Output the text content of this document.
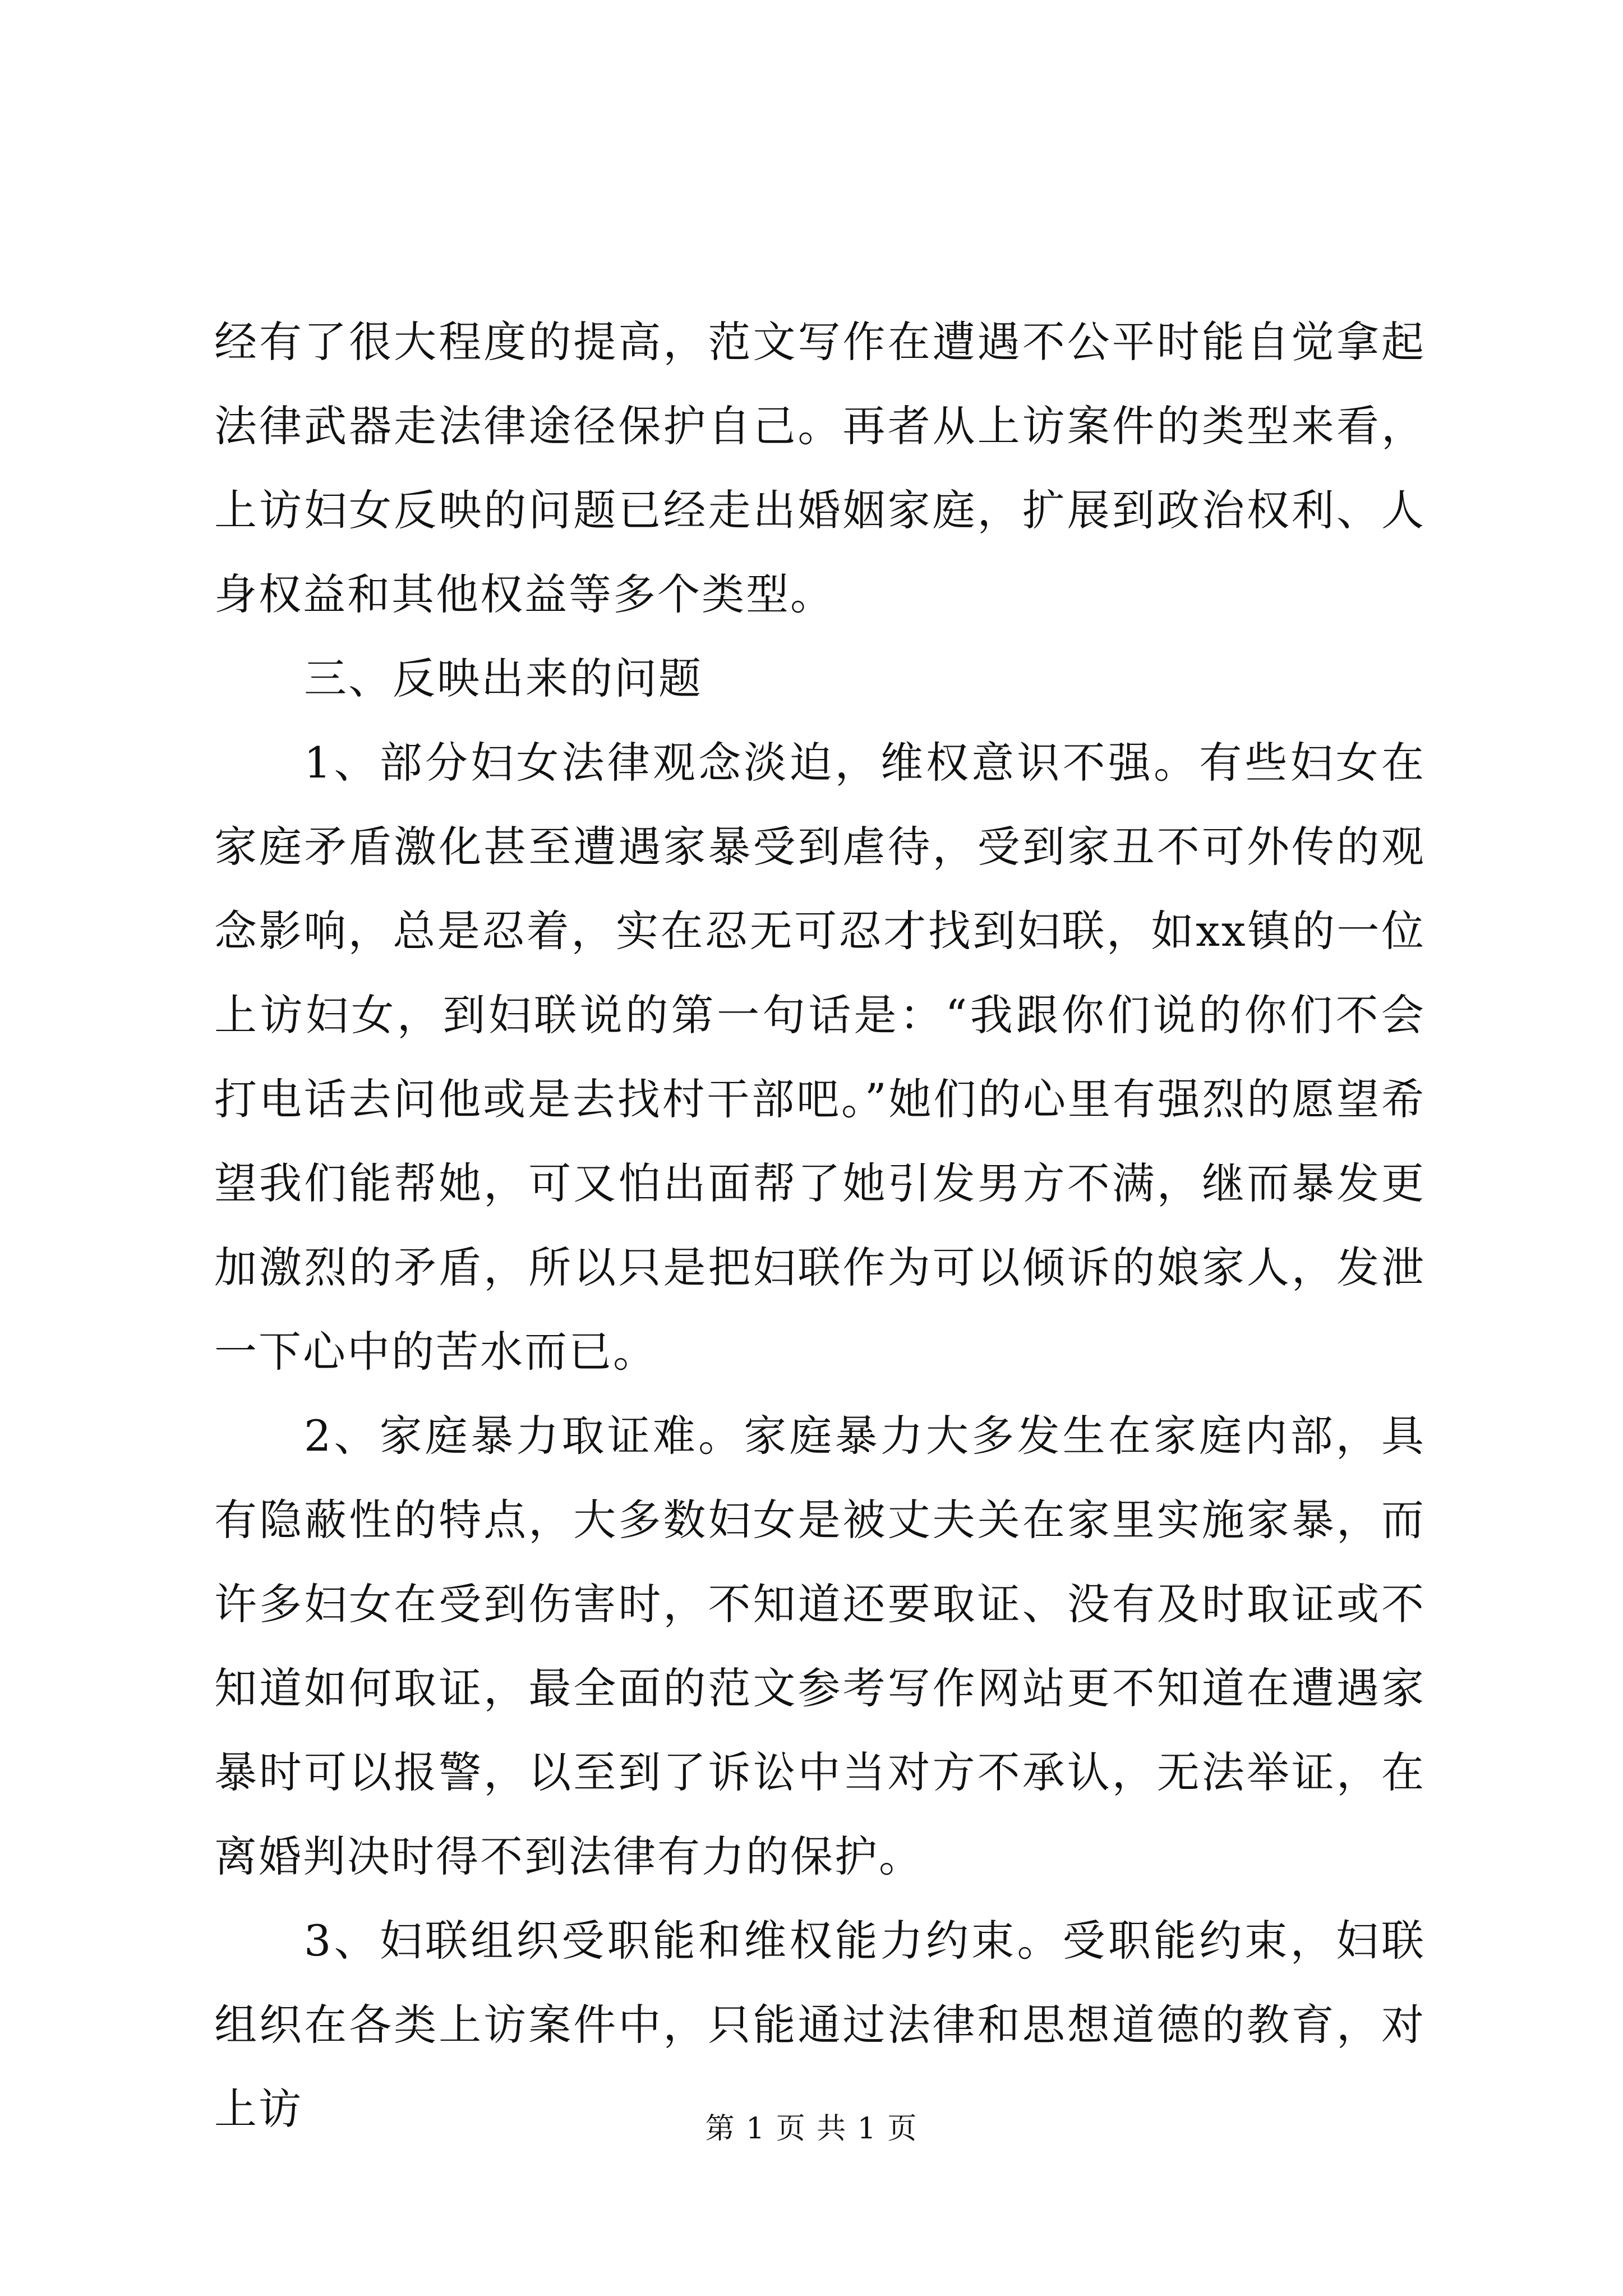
经有了很大程度的提高，范文写作在遭遇不公平时能自觉拿起法律武器走法律途径保护自己。再者从上访案件的类型来看，上访妇女反映的问题已经走出婚姻家庭，扩展到政治权利、人身权益和其他权益等多个类型。

三、反映出来的问题

1、部分妇女法律观念淡迫，维权意识不强。有些妇女在家庭矛盾激化甚至遭遇家暴受到虐待，受到家丑不可外传的观念影响，总是忍着，实在忍无可忍才找到妇联，如xx镇的一位上访妇女，到妇联说的第一句话是：“我跟你们说的你们不会打电话去问他或是去找村干部吧。”她们的心里有强烈的愿望希望我们能帮她，可又怕出面帮了她引发男方不满，继而暴发更加激烈的矛盾，所以只是把妇联作为可以倾诉的娘家人，发泄一下心中的苦水而已。

2、家庭暴力取证难。家庭暴力大多发生在家庭内部，具有隐蔽性的特点，大多数妇女是被丈夫关在家里实施家暴，而许多妇女在受到伤害时，不知道还要取证、没有及时取证或不知道如何取证，最全面的范文参考写作网站更不知道在遭遇家暴时可以报警，以至到了诉讼中当对方不承认，无法举证，在离婚判决时得不到法律有力的保护。

3、妇联组织受职能和维权能力约束。受职能约束，妇联组织在各类上访案件中，只能通过法律和思想道德的教育，对上访	第 1 页 共 1 页
